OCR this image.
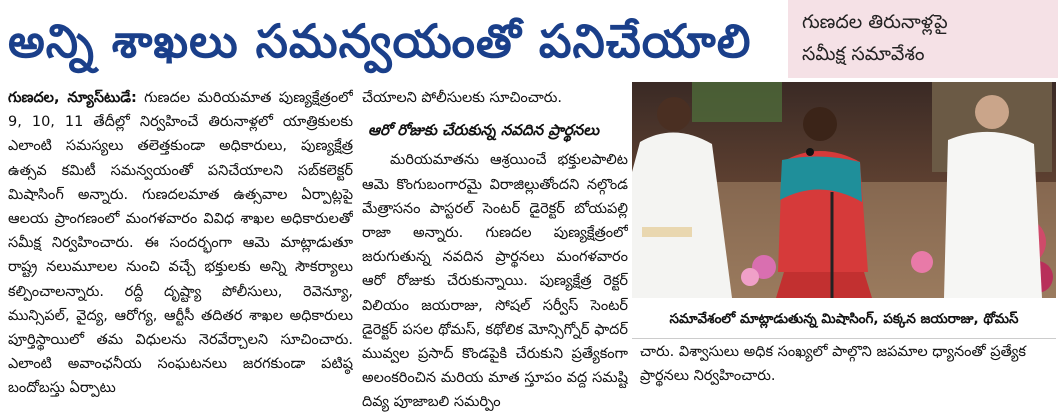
అన్ని శాఖలు సమన్వయంతో పనిచేయాలి	గుణదల తిరునాళ్లపై
సమీక్ష సమావేశం
గుణదల, న్యూస్‌టుడే: గుణదల మరియమాత పుణ్యక్షేత్రంలో 9, 10, 11 తేదీల్లో నిర్వహించే తిరునాళ్లలో యాత్రికులకు ఎలాంటి సమస్యలు తలెత్తకుండా అధికారులు, పుణ్యక్షేత్ర ఉత్సవ కమిటీ సమన్వయంతో పనిచేయాలని సబ్‌కలెక్టర్ మిషాసింగ్ అన్నారు. గుణదలమాత ఉత్సవాల ఏర్పాట్లపై ఆలయ ప్రాంగణంలో మంగళవారం వివిధ శాఖల అధికారులతో సమీక్ష నిర్వహించారు. ఈ సందర్భంగా ఆమె మాట్లాడుతూ రాష్ట్ర నలుమూలల నుంచి వచ్చే భక్తులకు అన్ని సౌకర్యాలు కల్పించాలన్నారు. రద్దీ దృష్ట్యా పోలీసులు, రెవెన్యూ, మున్సిపల్, వైద్య, ఆరోగ్య, ఆర్టీసీ తదితర శాఖల అధికారులు పూర్తిస్థాయిలో తమ విధులను నెరవేర్చాలని సూచించారు. ఎలాంటి అవాంఛనీయ సంఘటనలు జరగకుండా పటిష్ఠ బందోబస్తు ఏర్పాటు
చేయాలని పోలీసులకు సూచించారు.
ఆరో రోజుకు చేరుకున్న నవదిన ప్రార్థనలు
మరియమాతను ఆశ్రయించే భక్తులపాలిట ఆమె కొంగుబంగారమై విరాజిల్లుతోందని నల్గొండ మేత్రాసనం పాస్టరల్ సెంటర్ డైరెక్టర్ బోయపల్లి రాజా అన్నారు. గుణదల పుణ్యక్షేత్రంలో జరుగుతున్న నవదిన ప్రార్థనలు మంగళవారం ఆరో రోజుకు చేరుకున్నాయి. పుణ్యక్షేత్ర రెక్టర్ విలియం జయరాజు, సోషల్ సర్వీస్ సెంటర్ డైరెక్టర్ పసల థోమస్, కథోలిక మోన్సిగ్నోర్ ఫాదర్ మువ్వల ప్రసాద్ కొండపైకి చేరుకుని ప్రత్యేకంగా అలంకరించిన మరియ మాత స్తూపం వద్ద సమష్టి దివ్య పూజాబలి సమర్పిం
సమావేశంలో మాట్లాడుతున్న మిషాసింగ్, పక్కన జయరాజు, థోమస్
చారు. విశ్వాసులు అధిక సంఖ్యలో పాల్గొని జపమాల ధ్యానంతో ప్రత్యేక ప్రార్థనలు నిర్వహించారు.
